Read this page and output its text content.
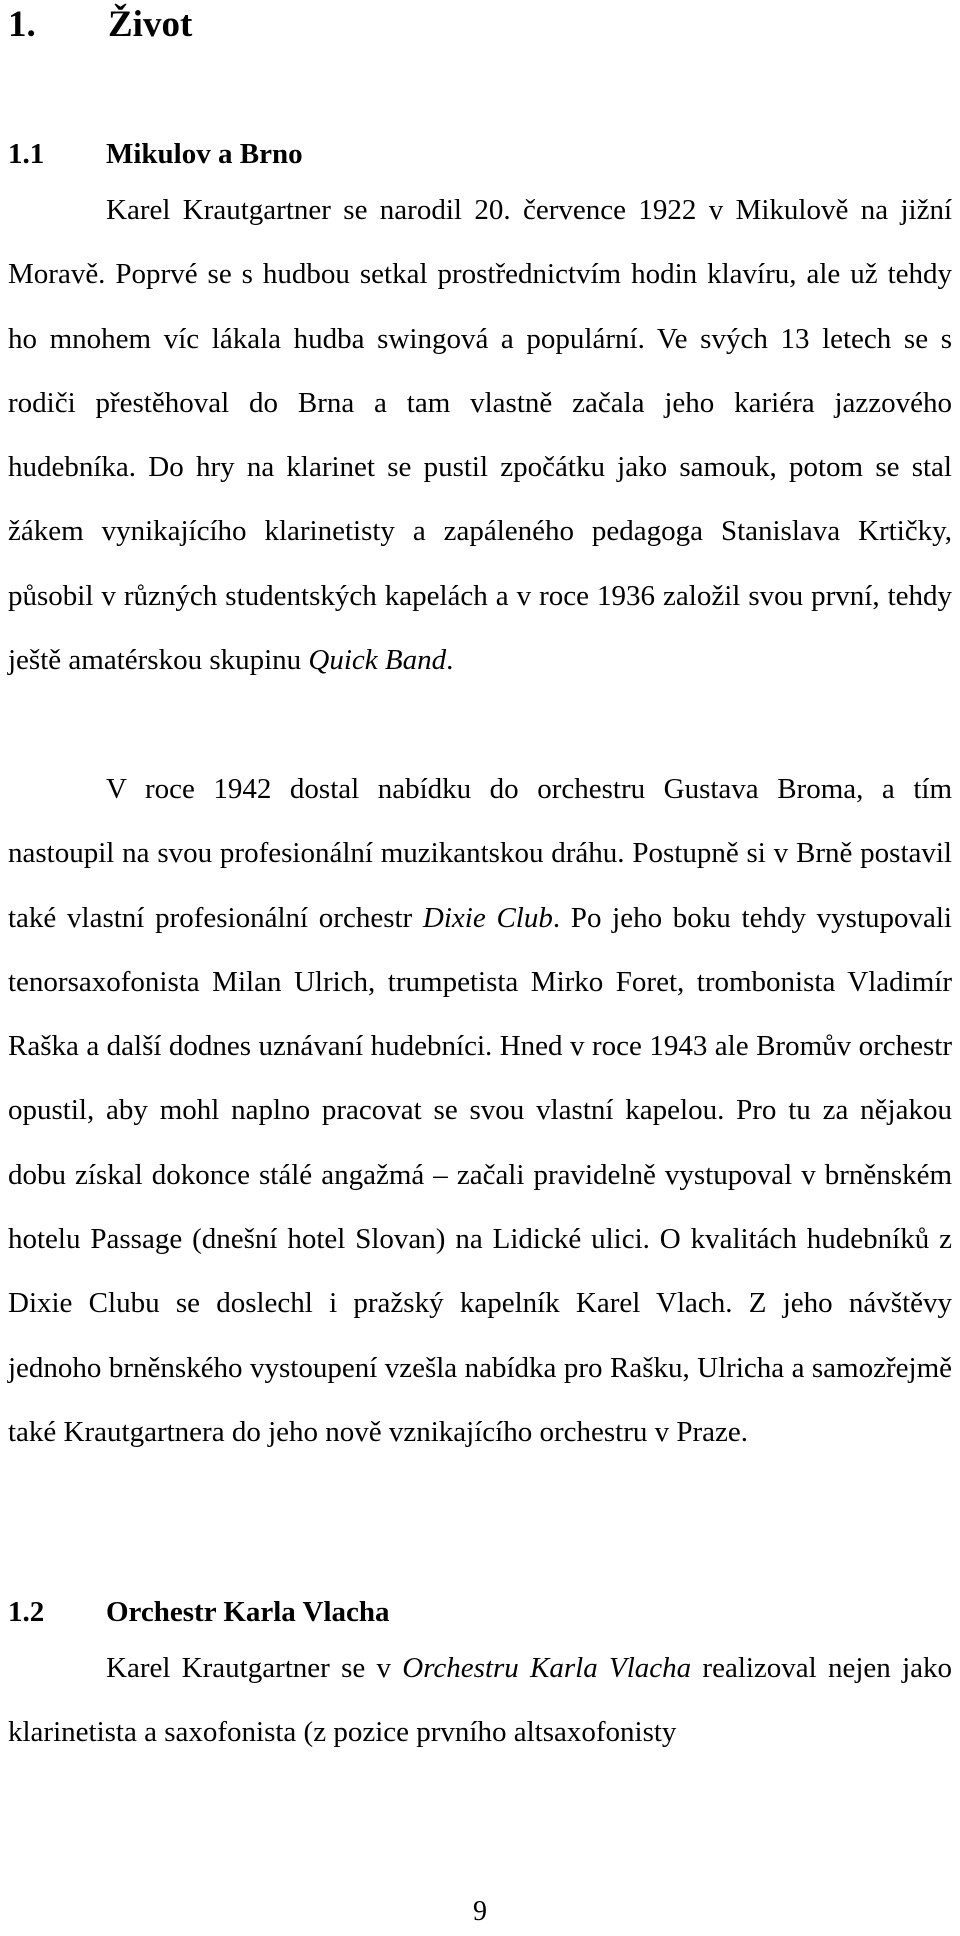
1. Život
1.1 Mikulov a Brno

Karel Krautgartner se narodil 20. července 1922 v Mikulově na jižní Moravě. Poprvé se s hudbou setkal prostřednictvím hodin klavíru, ale už tehdy ho mnohem víc lákala hudba swingová a populární. Ve svých 13 letech se s rodiči přestěhoval do Brna a tam vlastně začala jeho kariéra jazzového hudebníka. Do hry na klarinet se pustil zpočátku jako samouk, potom se stal žákem vynikajícího klarinetisty a zapáleného pedagoga Stanislava Krtičky, působil v různých studentských kapelách a v roce 1936 založil svou první, tehdy ještě amatérskou skupinu Quick Band.

V roce 1942 dostal nabídku do orchestru Gustava Broma, a tím nastoupil na svou profesionální muzikantskou dráhu. Postupně si v Brně postavil také vlastní profesionální orchestr Dixie Club. Po jeho boku tehdy vystupovali tenorsaxofonista Milan Ulrich, trumpetista Mirko Foret, trombonista Vladimír Raška a další dodnes uznávaní hudebníci. Hned v roce 1943 ale Bromův orchestr opustil, aby mohl naplno pracovat se svou vlastní kapelou. Pro tu za nějakou dobu získal dokonce stálé angažmá – začali pravidelně vystupoval v brněnském hotelu Passage (dnešní hotel Slovan) na Lidické ulici. O kvalitách hudebníků z Dixie Clubu se doslechl i pražský kapelník Karel Vlach. Z jeho návštěvy jednoho brněnského vystoupení vzešla nabídka pro Rašku, Ulricha a samozřejmě také Krautgartnera do jeho nově vznikajícího orchestru v Praze.

1.2 Orchestr Karla Vlacha

Karel Krautgartner se v Orchestru Karla Vlacha realizoval nejen jako klarinetista a saxofonista (z pozice prvního altsaxofonisty

9
